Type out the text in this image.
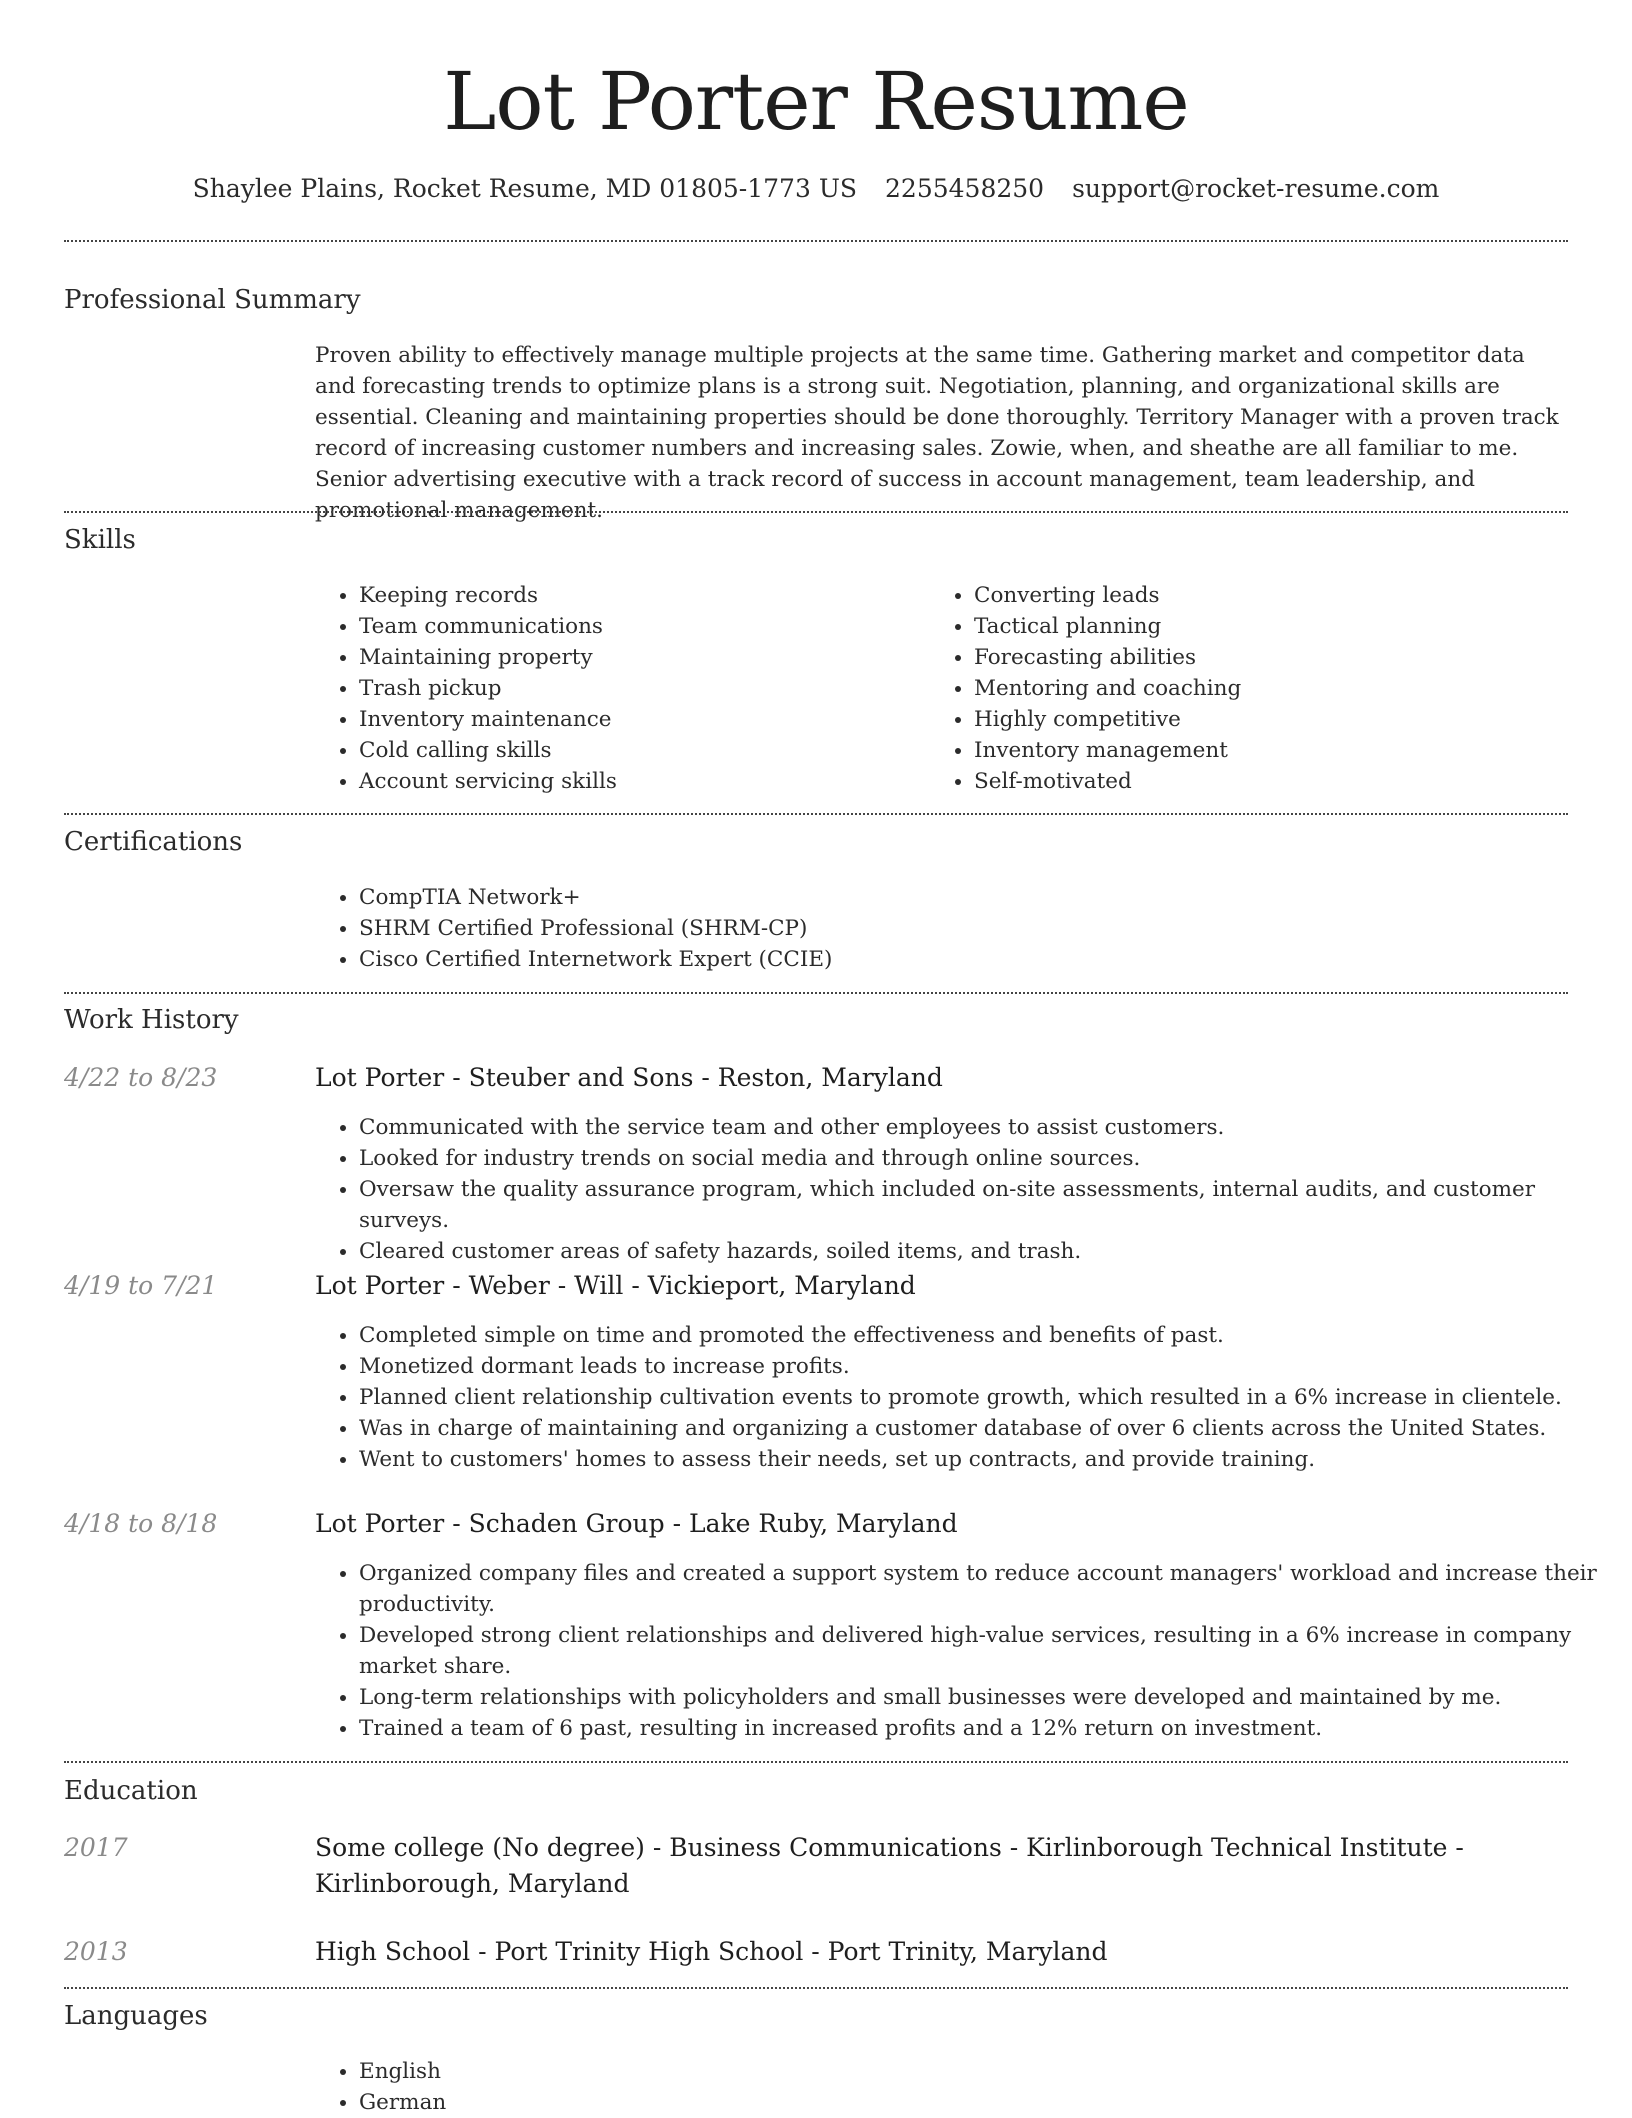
Lot Porter Resume
Shaylee Plains, Rocket Resume, MD 01805-1773 US 2255458250 support@rocket-resume.com
Professional Summary

Proven ability to effectively manage multiple projects at the same time. Gathering market and competitor data and forecasting trends to optimize plans is a strong suit. Negotiation, planning, and organizational skills are essential. Cleaning and maintaining properties should be done thoroughly. Territory Manager with a proven track record of increasing customer numbers and increasing sales. Zowie, when, and sheathe are all familiar to me. Senior advertising executive with a track record of success in account management, team leadership, and promotional management.

Skills
• Keeping records
• Team communications
• Maintaining property
• Trash pickup
• Inventory maintenance
• Cold calling skills
• Account servicing skills
• Converting leads
• Tactical planning
• Forecasting abilities
• Mentoring and coaching
• Highly competitive
• Inventory management
• Self-motivated
Certifications
• CompTIA Network+
• SHRM Certified Professional (SHRM-CP)
• Cisco Certified Internetwork Expert (CCIE)
Work History
4/22 to 8/23	Lot Porter - Steuber and Sons - Reston, Maryland
• Communicated with the service team and other employees to assist customers.
• Looked for industry trends on social media and through online sources.
• Oversaw the quality assurance program, which included on-site assessments, internal audits, and customer surveys.
• Cleared customer areas of safety hazards, soiled items, and trash.
4/19 to 7/21	Lot Porter - Weber - Will - Vickieport, Maryland
• Completed simple on time and promoted the effectiveness and benefits of past.
• Monetized dormant leads to increase profits.
• Planned client relationship cultivation events to promote growth, which resulted in a 6% increase in clientele.
• Was in charge of maintaining and organizing a customer database of over 6 clients across the United States.
• Went to customers' homes to assess their needs, set up contracts, and provide training.
4/18 to 8/18	Lot Porter - Schaden Group - Lake Ruby, Maryland
• Organized company files and created a support system to reduce account managers' workload and increase their productivity.
• Developed strong client relationships and delivered high-value services, resulting in a 6% increase in company market share.
• Long-term relationships with policyholders and small businesses were developed and maintained by me.
• Trained a team of 6 past, resulting in increased profits and a 12% return on investment.
Education
2017	Some college (No degree) - Business Communications - Kirlinborough Technical Institute - Kirlinborough, Maryland
2013	High School - Port Trinity High School - Port Trinity, Maryland
Languages
• English
• German
